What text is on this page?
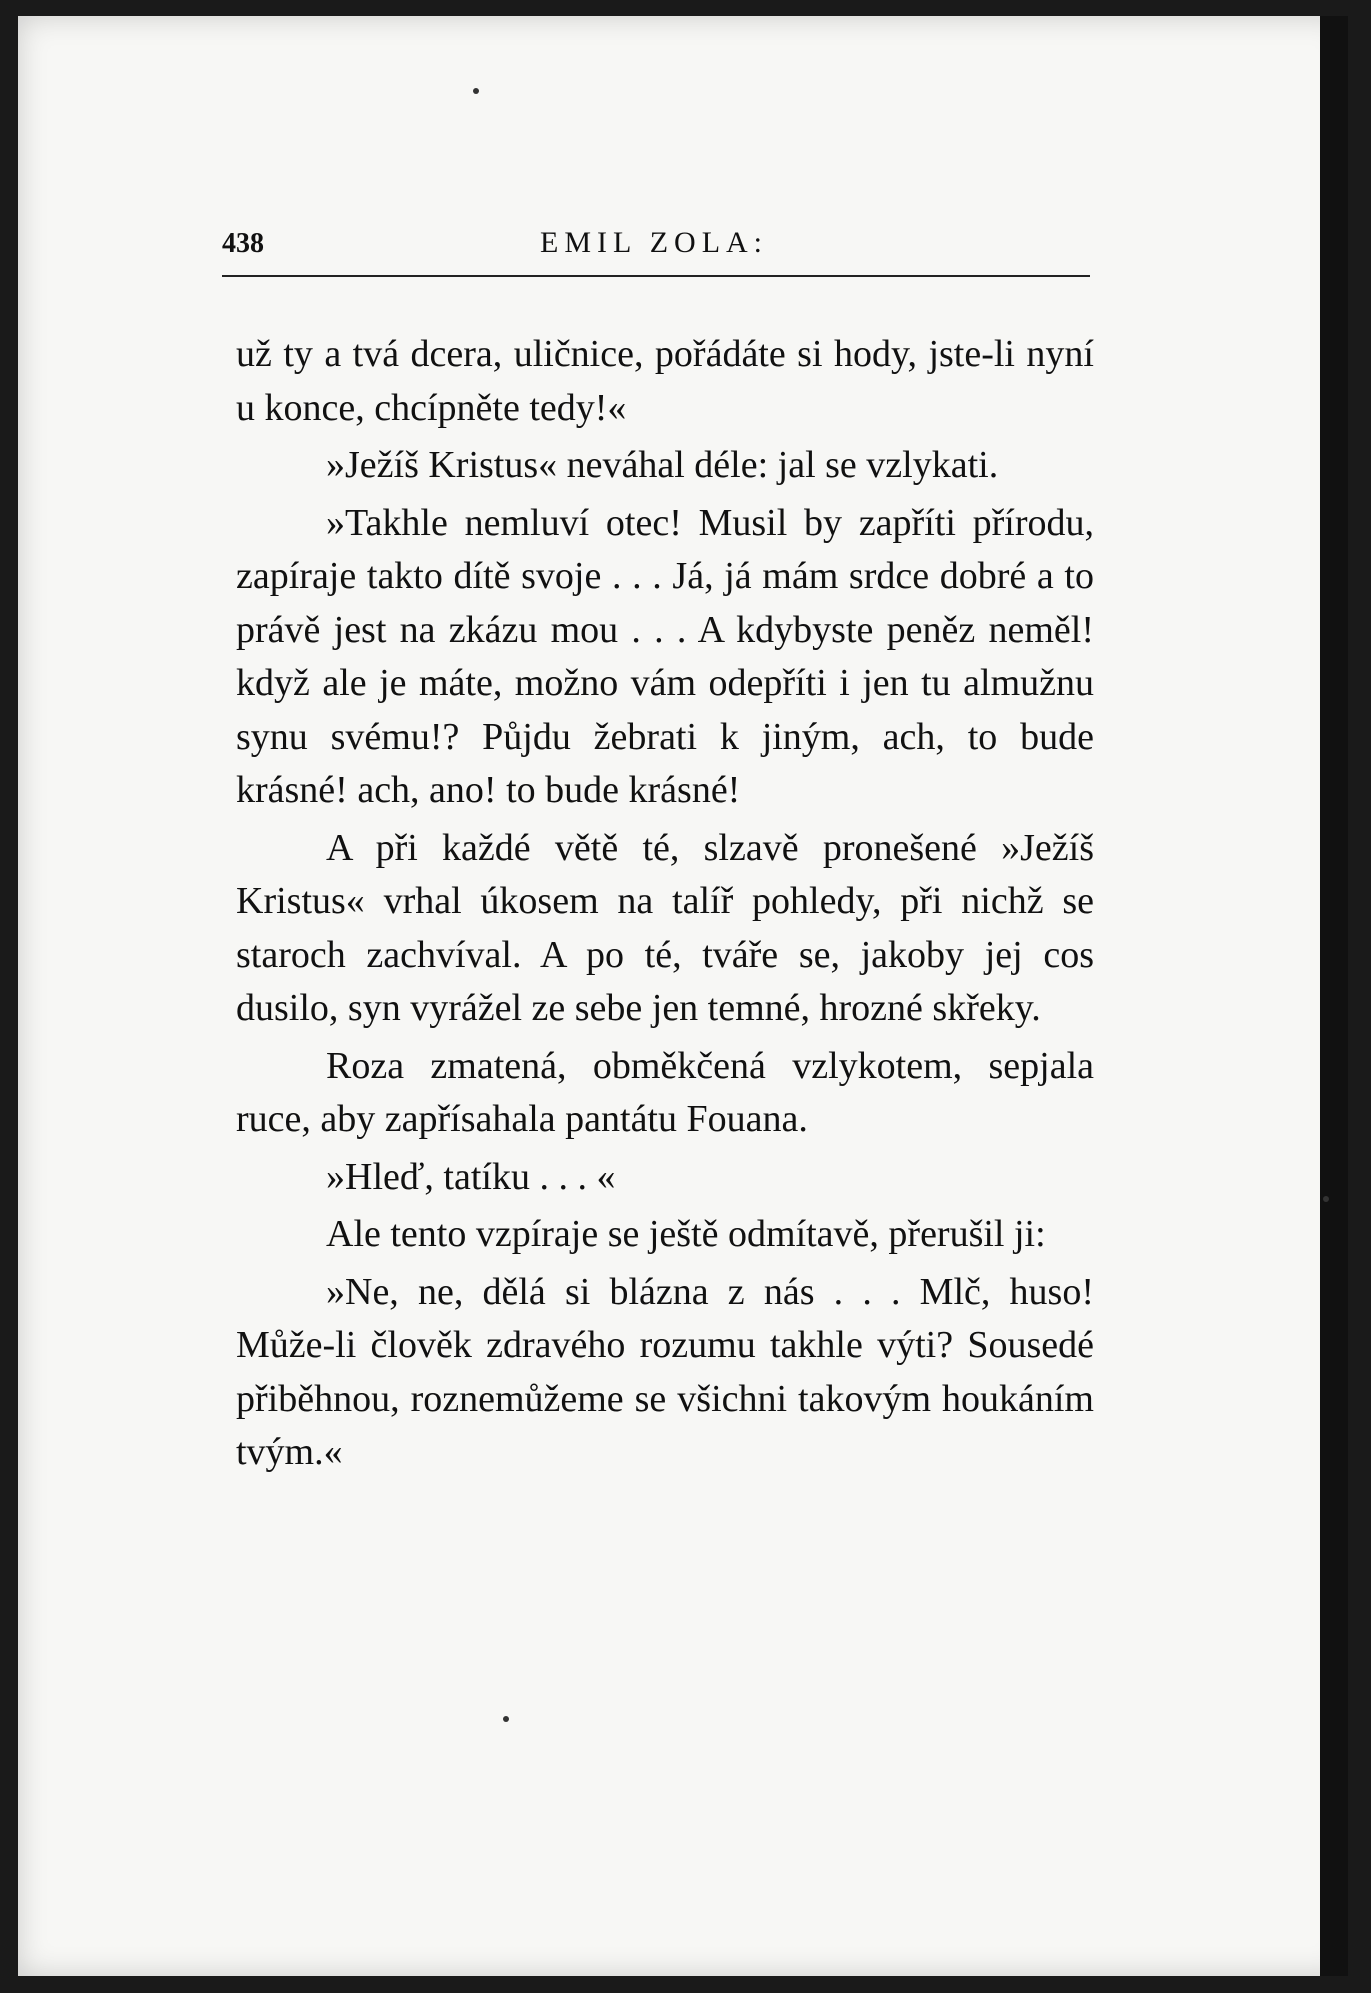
438	EMIL ZOLA:

už ty a tvá dcera, uličnice, pořádáte si hody, jste-li nyní u konce, chcípněte tedy!«

»Ježíš Kristus« neváhal déle: jal se vzlykati.

»Takhle nemluví otec! Musil by zapříti přírodu, zapíraje takto dítě svoje . . . Já, já mám srdce dobré a to právě jest na zkázu mou . . . A kdybyste peněz neměl! když ale je máte, možno vám odepříti i jen tu almužnu synu svému!? Půjdu žebrati k jiným, ach, to bude krásné! ach, ano! to bude krásné!

A při každé větě té, slzavě pronešené »Ježíš Kristus« vrhal úkosem na talíř pohledy, při nichž se staroch zachvíval. A po té, tváře se, jakoby jej cos dusilo, syn vyrážel ze sebe jen temné, hrozné skřeky.

Roza zmatená, obměkčená vzlykotem, sepjala ruce, aby zapřísahala pantátu Fouana.

»Hleď, tatíku . . . «

Ale tento vzpíraje se ještě odmítavě, přerušil ji:

»Ne, ne, dělá si blázna z nás . . . Mlč, huso! Může-li člověk zdravého rozumu takhle výti? Sousedé přiběhnou, roznemůžeme se všichni takovým houkáním tvým.«
